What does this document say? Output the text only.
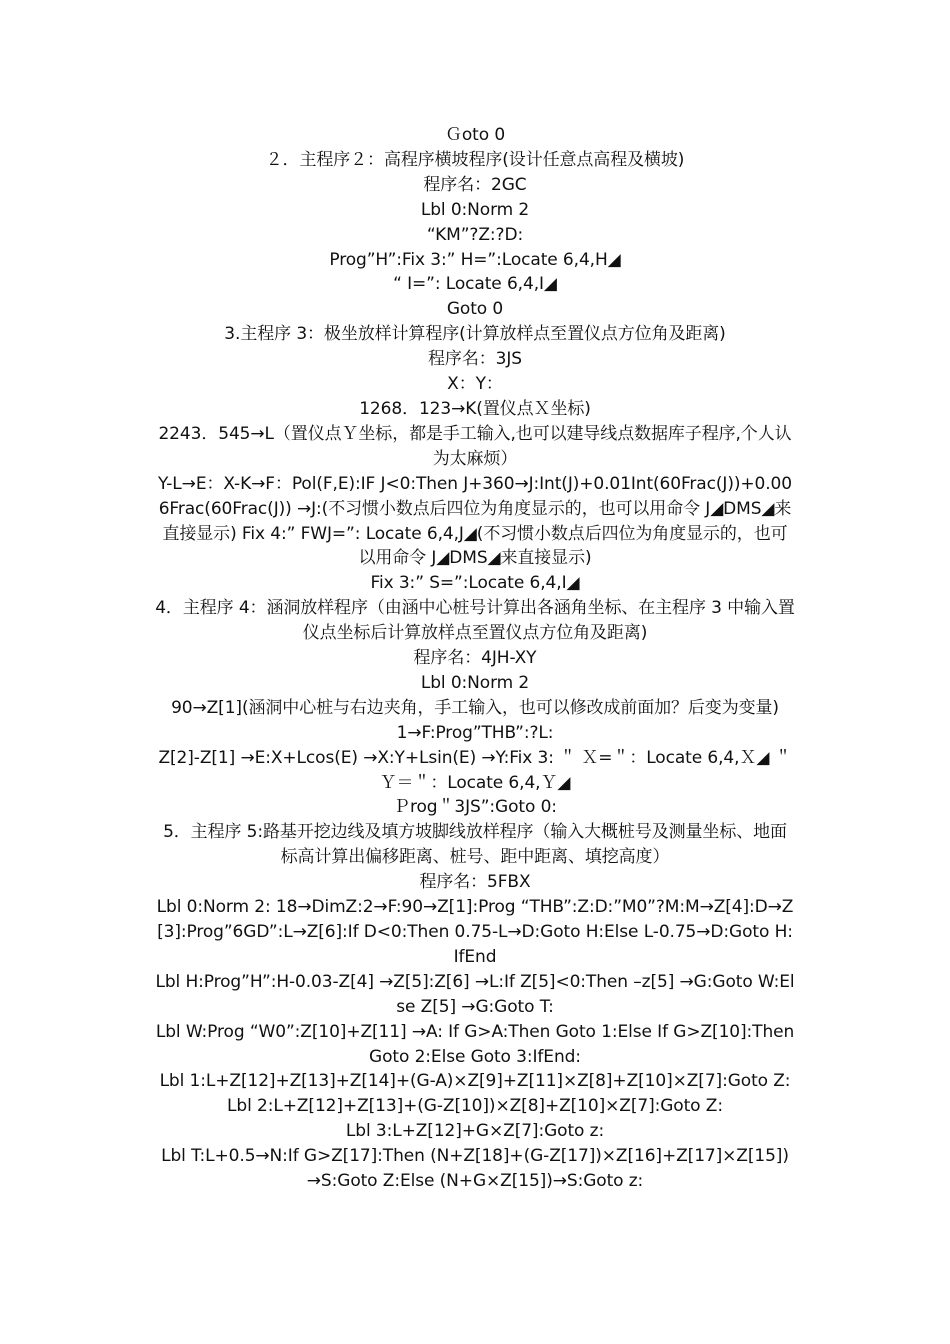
Ｇoto 0

２．主程序２：高程序横坡程序(设计任意点高程及横坡)

程序名：2GC

Lbl 0:Norm 2

“KM”?Z:?D:

Prog”H”:Fix 3:” H=”:Locate 6,4,H◢

“ I=”: Locate 6,4,I◢

Goto 0

3.主程序 3：极坐放样计算程序(计算放样点至置仪点方位角及距离)

程序名：3JS

X：Y：

1268．123→K(置仪点Ｘ坐标)

2243．545→L（置仪点Ｙ坐标，都是手工输入,也可以建导线点数据库子程序,个人认为太麻烦）

Y-L→E：X-K→F：Pol(F,E):IF J<0:Then J+360→J:Int(J)+0.01Int(60Frac(J))+0.006Frac(60Frac(J)) →J:(不习惯小数点后四位为角度显示的，也可以用命令 J◢DMS◢来直接显示) Fix 4:” FWJ=”: Locate 6,4,J◢(不习惯小数点后四位为角度显示的，也可以用命令 J◢DMS◢来直接显示)

Fix 3:” S=”:Locate 6,4,I◢

4．主程序 4：涵洞放样程序（由涵中心桩号计算出各涵角坐标、在主程序 3 中输入置仪点坐标后计算放样点至置仪点方位角及距离)

程序名：4JH-XY

Lbl 0:Norm 2

90→Z[1](涵洞中心桩与右边夹角，手工输入，也可以修改成前面加？后变为变量)

1→F:Prog”THB”:?L:

Z[2]-Z[1] →E:X+Lcos(E) →X:Y+Lsin(E) →Y:Fix 3: ＂ Ｘ=＂：Locate 6,4,Ｘ◢ ＂ Ｙ＝＂：Locate 6,4,Ｙ◢

Ｐrog＂3JS”:Goto 0:

5．主程序 5:路基开挖边线及填方坡脚线放样程序（输入大概桩号及测量坐标、地面标高计算出偏移距离、桩号、距中距离、填挖高度）

程序名：5FBX

Lbl 0:Norm 2: 18→DimZ:2→F:90→Z[1]:Prog “THB”:Z:D:”M0”?M:M→Z[4]:D→Z[3]:Prog”6GD”:L→Z[6]:If D<0:Then 0.75-L→D:Goto H:Else L-0.75→D:Goto H:IfEnd

Lbl H:Prog”H”:H-0.03-Z[4] →Z[5]:Z[6] →L:If Z[5]<0:Then –z[5] →G:Goto W:Else Z[5] →G:Goto T:

Lbl W:Prog “W0”:Z[10]+Z[11] →A: If G>A:Then Goto 1:Else If G>Z[10]:Then Goto 2:Else Goto 3:IfEnd:

Lbl 1:L+Z[12]+Z[13]+Z[14]+(G-A)×Z[9]+Z[11]×Z[8]+Z[10]×Z[7]:Goto Z:

Lbl 2:L+Z[12]+Z[13]+(G-Z[10])×Z[8]+Z[10]×Z[7]:Goto Z:

Lbl 3:L+Z[12]+G×Z[7]:Goto z:

Lbl T:L+0.5→N:If G>Z[17]:Then (N+Z[18]+(G-Z[17])×Z[16]+Z[17]×Z[15])→S:Goto Z:Else (N+G×Z[15])→S:Goto z:
